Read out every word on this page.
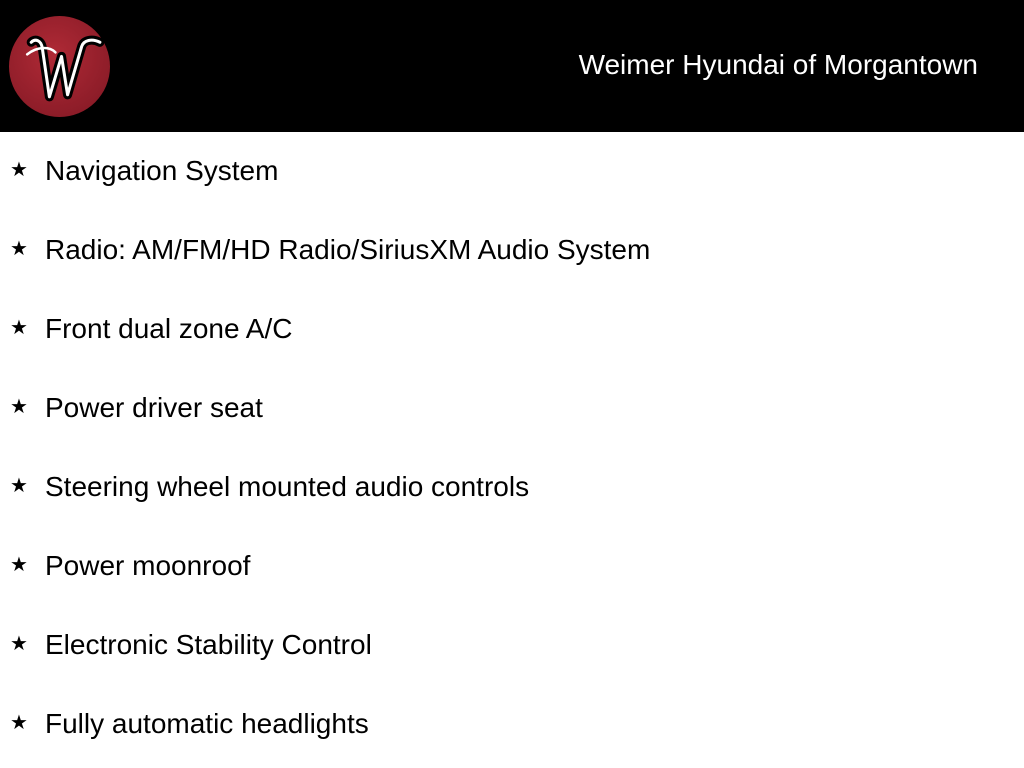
Weimer Hyundai of Morgantown
★ Navigation System
★ Radio: AM/FM/HD Radio/SiriusXM Audio System
★ Front dual zone A/C
★ Power driver seat
★ Steering wheel mounted audio controls
★ Power moonroof
★ Electronic Stability Control
★ Fully automatic headlights
